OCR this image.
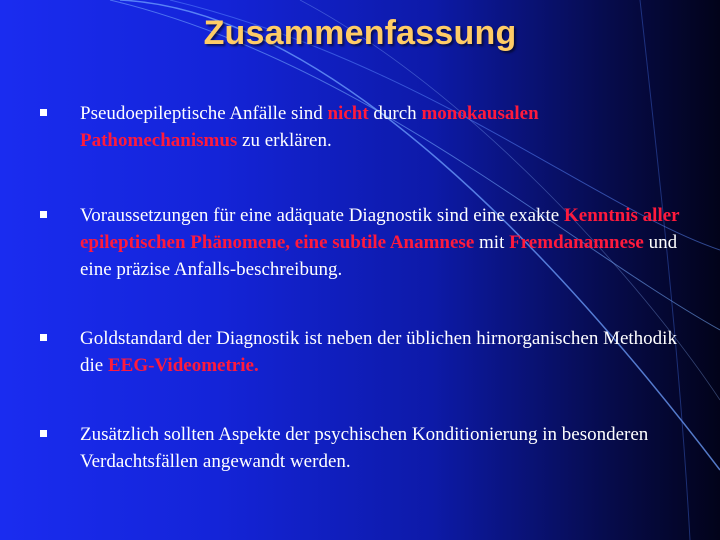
Zusammenfassung
Pseudoepileptische Anfälle sind nicht durch monokausalen Pathomechanismus zu erklären.
Voraussetzungen für eine adäquate Diagnostik sind eine exakte Kenntnis aller epileptischen Phänomene, eine subtile Anamnese mit Fremdanamnese und eine präzise Anfalls-beschreibung.
Goldstandard der Diagnostik ist neben der üblichen hirnorganischen Methodik die EEG-Videometrie.
Zusätzlich sollten Aspekte der psychischen Konditionierung in besonderen Verdachtsfällen angewandt werden.
